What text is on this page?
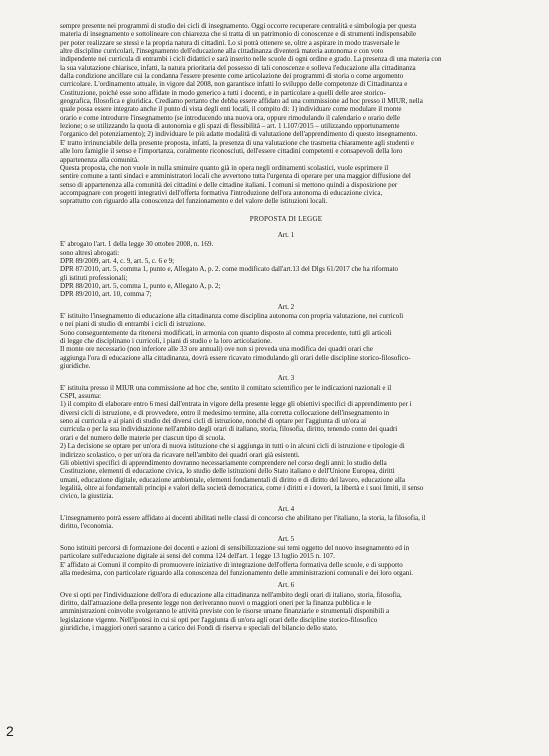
sempre presente nei programmi di studio dei cicli di insegnamento. Oggi occorre recuperare centralità e simbologia per questa
materia di insegnamento e sottolineare con chiarezza che si tratta di un patrimonio di conoscenze e di strumenti indispensabile
per poter realizzare se stessi e la propria natura di cittadini. Lo si potrà ottenere se, oltre a aspirare in modo trasversale le
altre discipline curricolari, l'insegnamento dell'educazione alla cittadinanza diventerà materia autonoma e con voto
indipendente nei curricula di entrambi i cicli didattici e sarà inserito nelle scuole di ogni ordine e grado. La presenza di una materia con
la sua valutazione chiarisce, infatti, la natura prioritaria del possesso di tali conoscenze e solleva l'educazione alla cittadinanza
dalla condizione ancillare cui la condanna l'essere presente come articolazione dei programmi di storia o come argomento
curricolare. L'ordinamento attuale, in vigore dal 2008, non garantisce infatti lo sviluppo delle competenze di Cittadinanza e
Costituzione, poiché esse sono affidate in modo generico a tutti i docenti, e in particolare a quelli delle aree storico-
geografica, filosofica e giuridica. Crediamo pertanto che debba essere affidato ad una commissione ad hoc presso il MIUR, nella
quale possa essere integrato anche il punto di vista degli enti locali, il compito di: 1) individuare come modulare il monte
orario e come introdurre l'insegnamento (se introducendo una nuova ora, oppure rimodulando il calendario e orario delle
lezione; o se utilizzando la quota di autonomia e gli spazi di flessibilità – art. 1 l.107/2015 – utilizzando opportunamente
l'organico del potenziamento); 2) individuare le più adatte modalità di valutazione dell'apprendimento di questo insegnamento.
E' tratto irrinunciabile della presente proposta, infatti, la presenza di una valutazione che trasmetta chiaramente agli studenti e
alle loro famiglie il senso e l'importanza, coralmente riconosciuti, dell'essere cittadini competenti e consapevoli della loro
appartenenza alla comunità.
Questa proposta, che non vuole in nulla sminuire quanto già in opera negli ordinamenti scolastici, vuole esprimere il
sentire comune a tanti sindaci e amministratori locali che avvertono tutta l'urgenza di operare per una maggior diffusione del
senso di appartenenza alla comunità dei cittadini e delle cittadine italiani. I comuni si mettono quindi a disposizione per
accompagnare con progetti integrativi dell'offerta formativa l'introduzione dell'ora autonoma di educazione civica,
soprattutto con riguardo alla conoscenza del funzionamento e del valore delle istituzioni locali.
PROPOSTA DI LEGGE
Art. 1
E' abrogato l'art. 1 della legge 30 ottobre 2008, n. 169.
sono altresì abrogati:
DPR 89/2009, art. 4, c. 9, art. 5, c. 6 e 9;
DPR 87/2010, art. 5, comma 1, punto e, Allegato A, p. 2. come modificato dall'art.13 del Dlgs 61/2017 che ha riformato
gli istituti professionali;
DPR 88/2010, art. 5, comma 1, punto e, Allegato A, p. 2;
DPR 89/2010, art. 10, comma 7;
Art. 2
E' istituito l'insegnamento di educazione alla cittadinanza come disciplina autonoma con propria valutazione, nei curricoli
e nei piani di studio di entrambi i cicli di istruzione.
Sono conseguentemente da ritenersi modificati, in armonia con quanto disposto al comma precedente, tutti gli articoli
di legge che disciplinano i curricoli, i piani di studio e la loro articolazione.
Il monte ore necessario (non inferiore alle 33 ore annuali) ove non si preveda una modifica dei quadri orari che
aggiunga l'ora di educazione alla cittadinanza, dovrà essere ricavato rimodulando gli orari delle discipline storico-filosofico-
giuridiche.
Art. 3
E' istituita presso il MIUR una commissione ad hoc che, sentito il comitato scientifico per le indicazioni nazionali e il
CSPI, assuma:
1) il compito di elaborare entro 6 mesi dall'entrata in vigore della presente legge gli obiettivi specifici di apprendimento per i
diversi cicli di istruzione, e di provvedere, entro il medesimo termine, alla corretta collocazione dell'insegnamento in
seno ai curricula e ai piani di studio dei diversi cicli di istruzione, nonché di optare per l'aggiunta di un'ora ai
curricula o per la sua individuazione nell'ambito degli orari di italiano, storia, filosofia, diritto, tenendo conto dei quadri
orari e del numero delle materie per ciascun tipo di scuola.
2) La decisione se optare per un'ora di nuova istituzione che si aggiunga in tutti o in alcuni cicli di istruzione e tipologie di
indirizzo scolastico, o per un'ora da ricavare nell'ambito dei quadri orari già esistenti.
Gli obiettivi specifici di apprendimento dovranno necessariamente comprendere nel corso degli anni: lo studio della
Costituzione, elementi di educazione civica, lo studio delle istituzioni dello Stato italiano e dell'Unione Europea, diritti
umani, educazione digitale, educazione ambientale, elementi fondamentali di diritto e di diritto del lavoro, educazione alla
legalità, oltre ai fondamentali principi e valori della società democratica, come i diritti e i doveri, la libertà e i suoi limiti, il senso
civico, la giustizia.
Art. 4
L'insegnamento potrà essere affidato ai docenti abilitati nelle classi di concorso che abilitano per l'italiano, la storia, la filosofia, il
diritto, l'economia.
Art. 5
Sono istituiti percorsi di formazione dei docenti e azioni di sensibilizzazione sui temi oggetto del nuovo insegnamento ed in
particolare sull'educazione digitale ai sensi del comma 124 dell'art. 1 legge 13 luglio 2015 n. 107.
E' affidato ai Comuni il compito di promuovere iniziative di integrazione dell'offerta formativa delle scuole, e di supporto
alla medesima, con particolare riguardo alla conoscenza del funzionamento delle amministrazioni comunali e dei loro organi.
Art. 6
Ove si opti per l'individuazione dell'ora di educazione alla cittadinanza nell'ambito degli orari di italiano, storia, filosofia,
diritto, dall'attuazione della presente legge non deriveranno nuovi o maggiori oneri per la finanza pubblica e le
amministrazioni coinvolte svolgeranno le attività previste con le risorse umane finanziarie e strumentali disponibili a
legislazione vigente. Nell'ipotesi in cui si opti per l'aggiunta di un'ora agli orari delle discipline storico-filosofico
giuridiche, i maggiori oneri saranno a carico dei Fondi di riserva e speciali del bilancio dello stato.
2
